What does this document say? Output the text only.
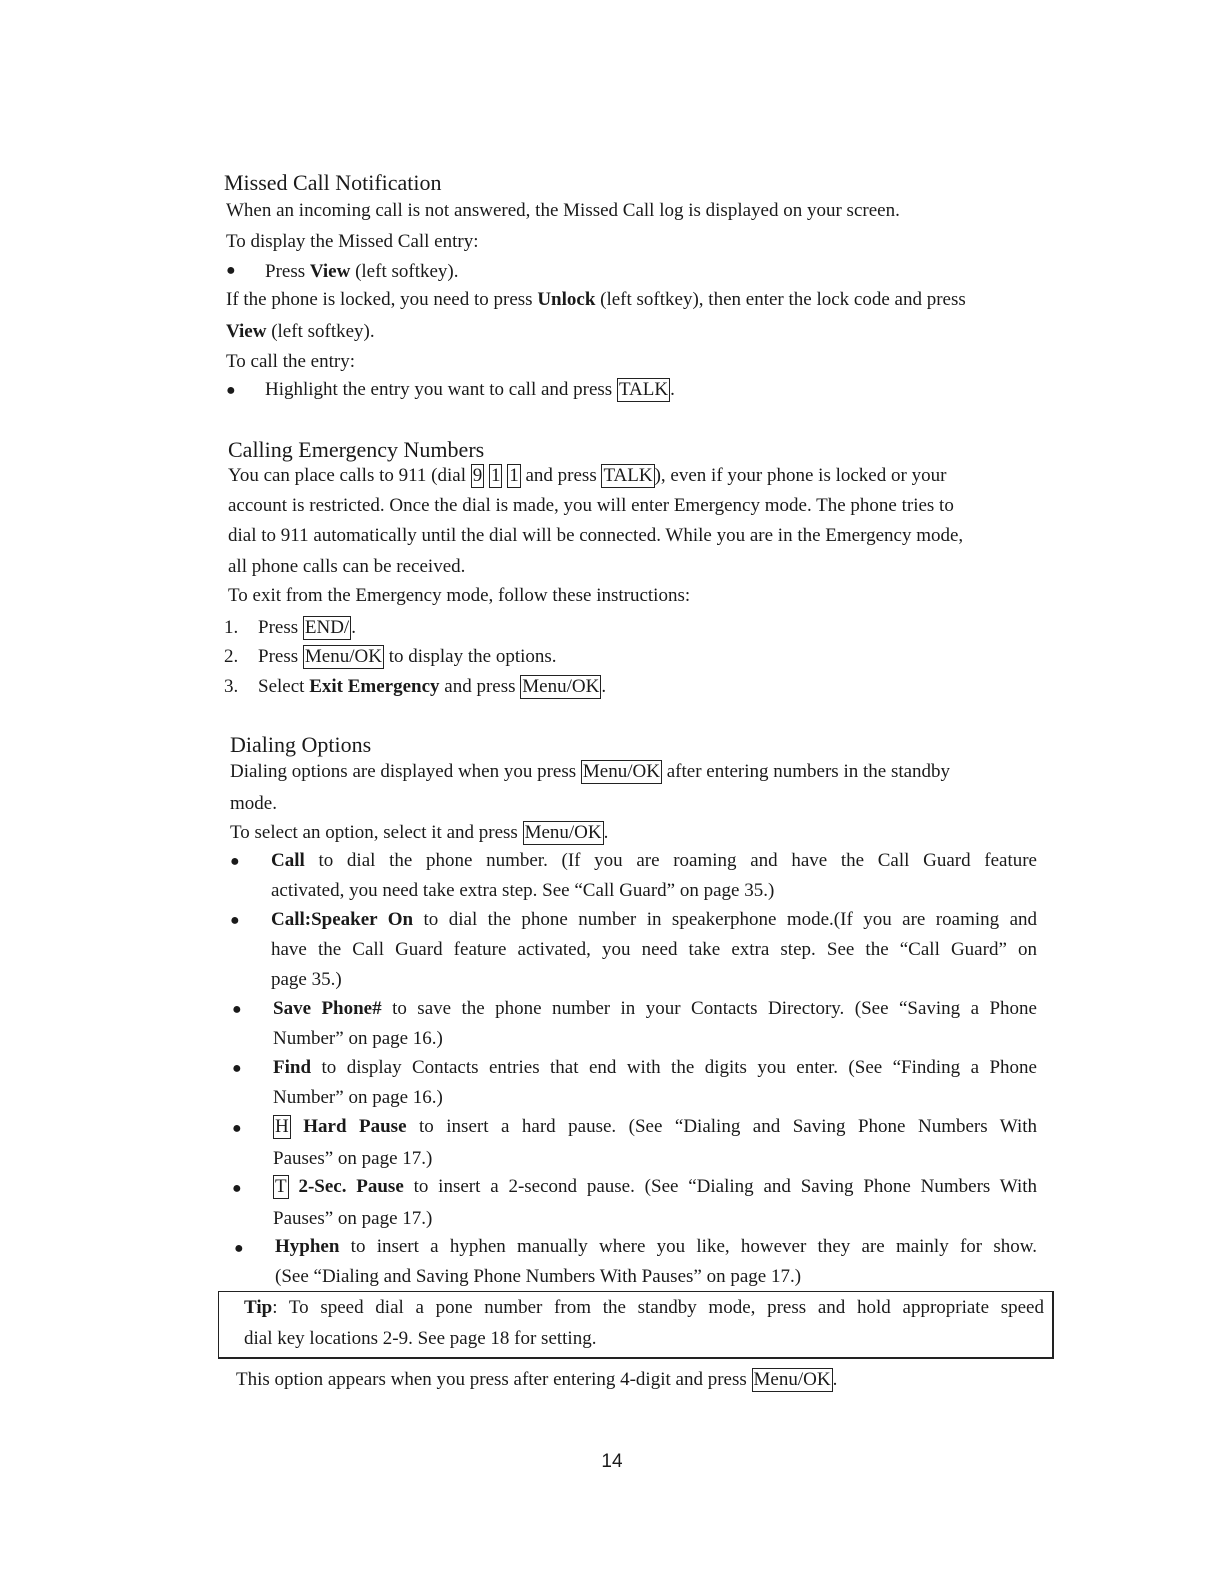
Missed Call Notification

When an incoming call is not answered, the Missed Call log is displayed on your screen.

To display the Missed Call entry:

● Press View (left softkey).

If the phone is locked, you need to press Unlock (left softkey), then enter the lock code and press

View (left softkey).

To call the entry:

● Highlight the entry you want to call and press TALK .

Calling Emergency Numbers

You can place calls to 911 (dial 9 1 1 and press TALK ), even if your phone is locked or your

account is restricted. Once the dial is made, you will enter Emergency mode. The phone tries to

dial to 911 automatically until the dial will be connected. While you are in the Emergency mode,

all phone calls can be received.

To exit from the Emergency mode, follow these instructions:

1. Press END/ .

2. Press Menu/OK to display the options.

3. Select Exit Emergency and press Menu/OK .

Dialing Options

Dialing options are displayed when you press Menu/OK after entering numbers in the standby

mode.

To select an option, select it and press Menu/OK .

● Call to dial the phone number. (If you are roaming and have the Call Guard feature

activated, you need take extra step. See “Call Guard” on page 35.)

● Call:Speaker On to dial the phone number in speakerphone mode.(If you are roaming and

have the Call Guard feature activated, you need take extra step. See the “Call Guard” on

page 35.)

● Save Phone# to save the phone number in your Contacts Directory. (See “Saving a Phone

Number” on page 16.)

● Find to display Contacts entries that end with the digits you enter. (See “Finding a Phone

Number” on page 16.)

● H Hard Pause to insert a hard pause. (See “Dialing and Saving Phone Numbers With

Pauses” on page 17.)

● T 2-Sec. Pause to insert a 2-second pause. (See “Dialing and Saving Phone Numbers With

Pauses” on page 17.)

● Hyphen to insert a hyphen manually where you like, however they are mainly for show.

(See “Dialing and Saving Phone Numbers With Pauses” on page 17.)

Tip: To speed dial a pone number from the standby mode, press and hold appropriate speed

dial key locations 2-9. See page 18 for setting.

This option appears when you press after entering 4-digit and press Menu/OK .

14
